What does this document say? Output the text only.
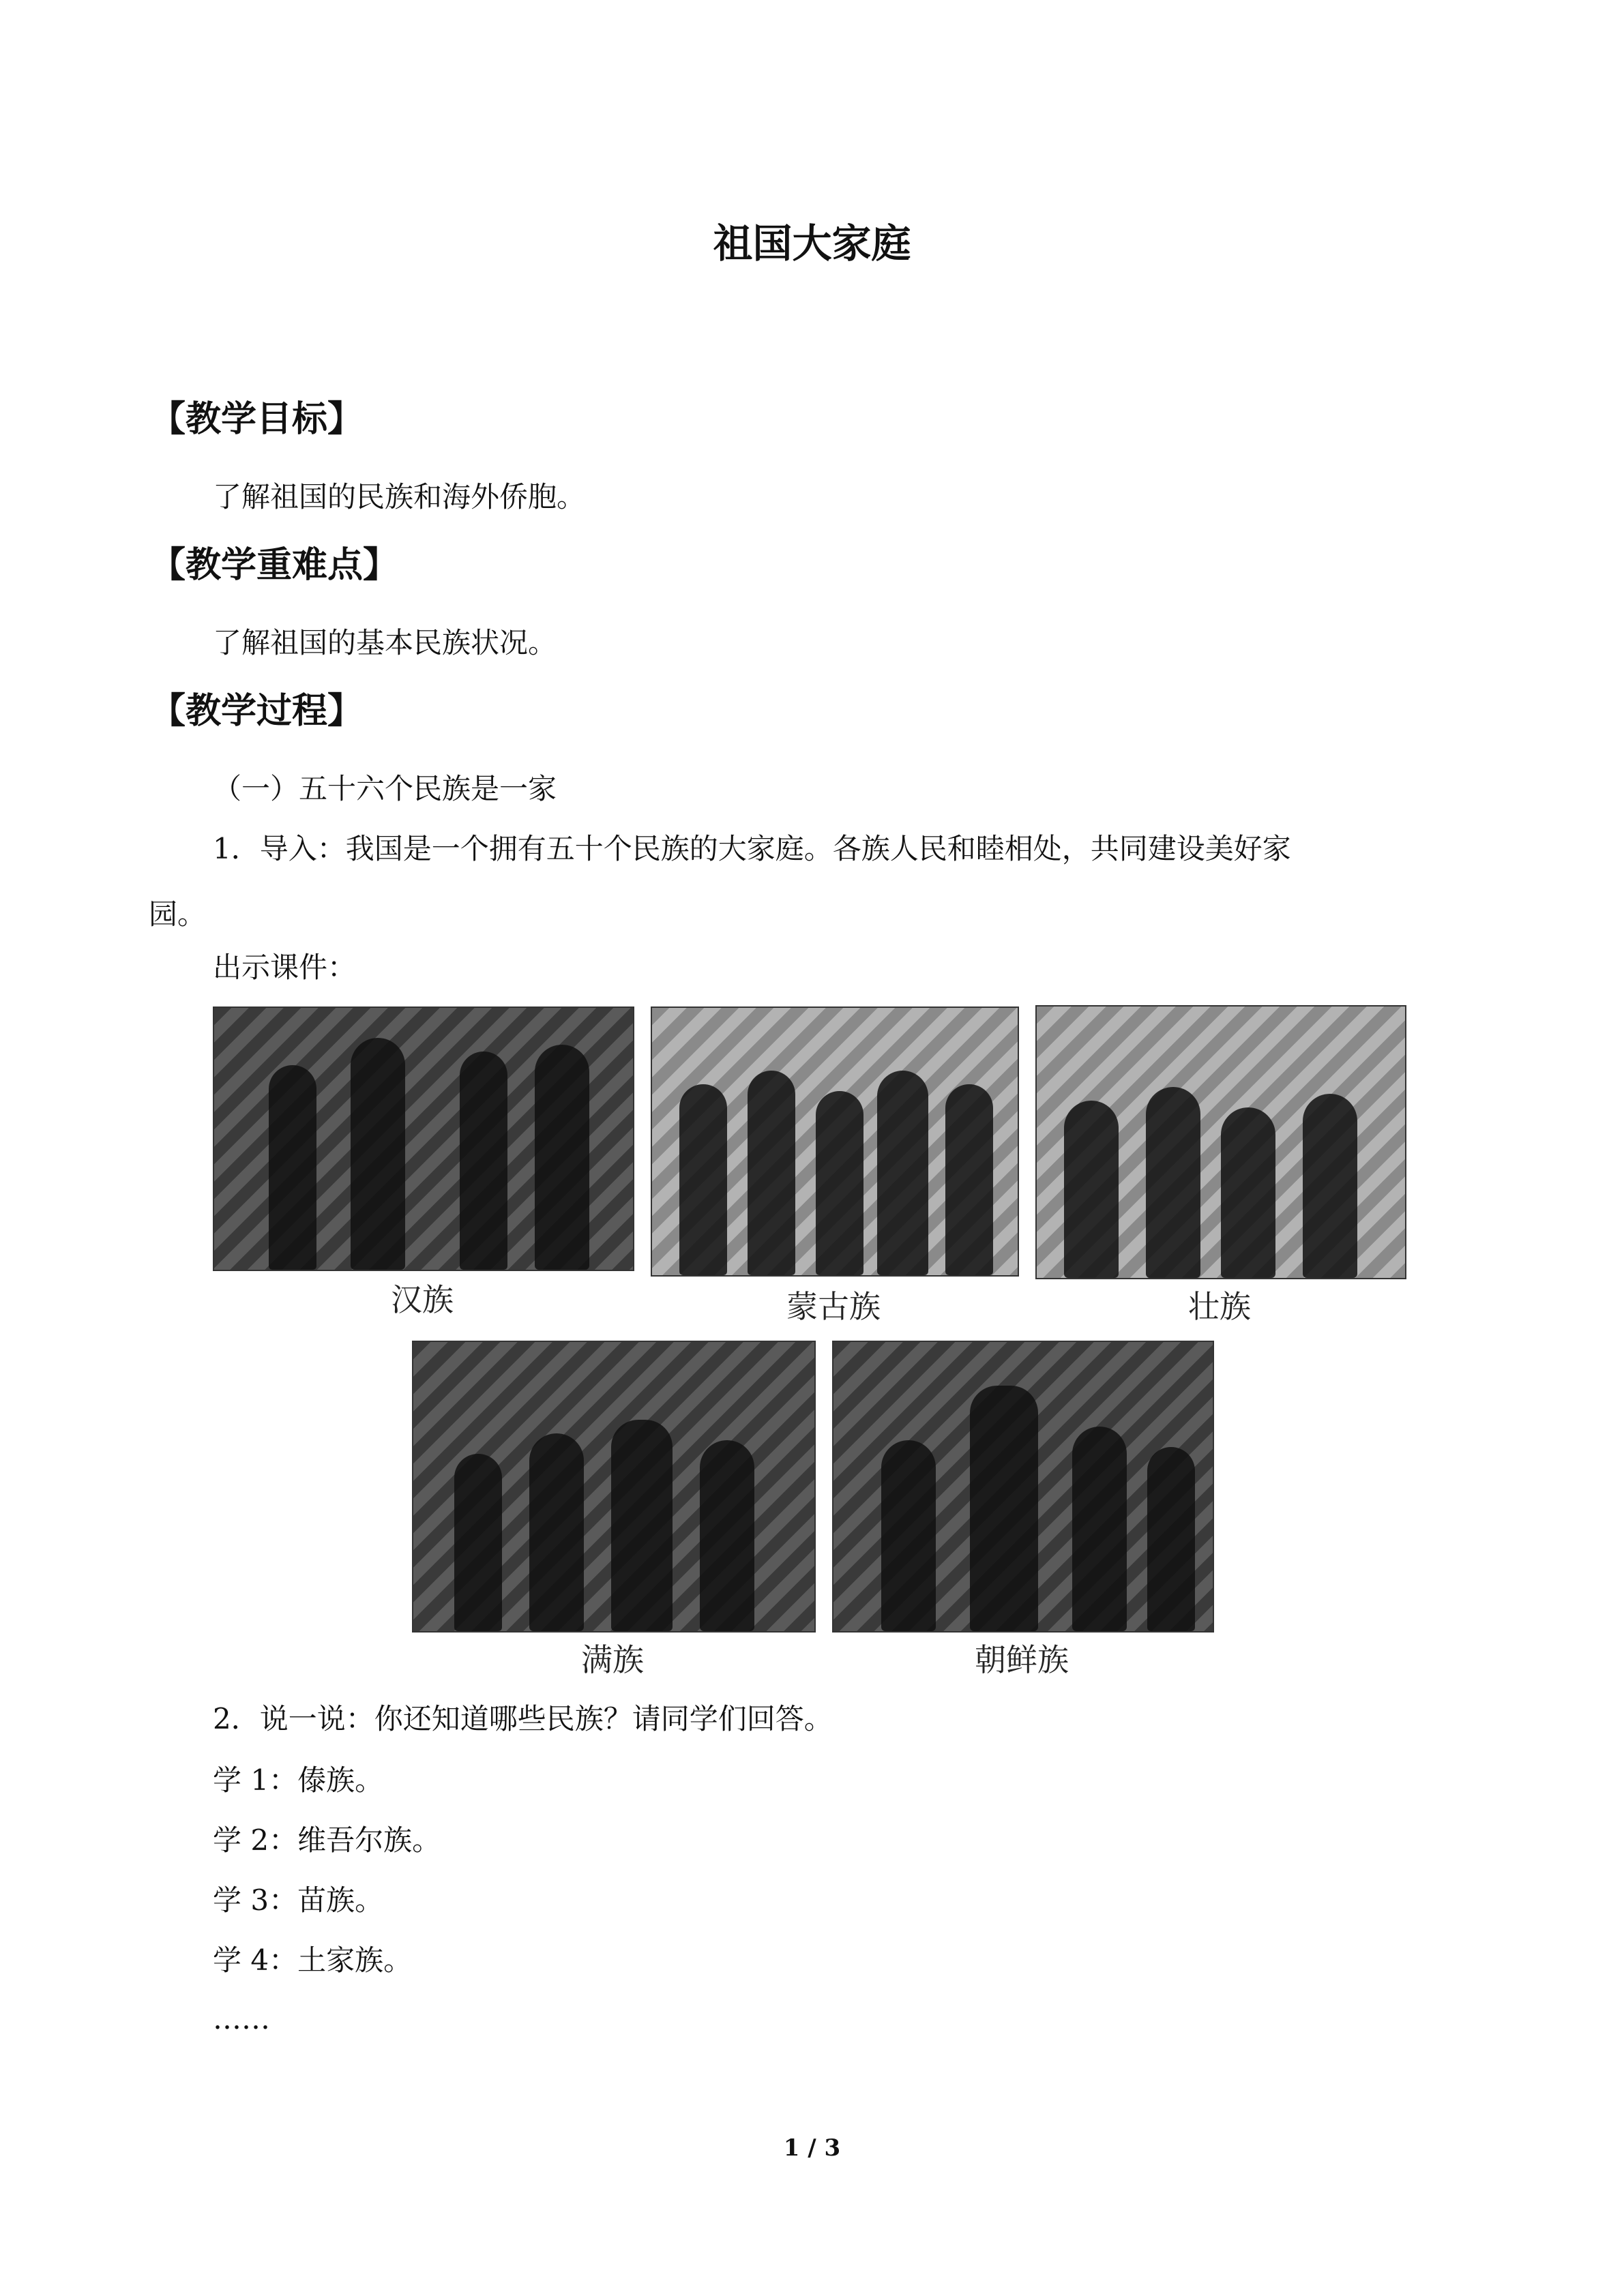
祖国大家庭
【教学目标】
了解祖国的民族和海外侨胞。
【教学重难点】
了解祖国的基本民族状况。
【教学过程】
（一）五十六个民族是一家
1．导入：我国是一个拥有五十个民族的大家庭。各族人民和睦相处，共同建设美好家
园。
出示课件：
汉族	蒙古族	壮族
满族	朝鲜族
2．说一说：你还知道哪些民族？请同学们回答。
学 1：傣族。
学 2：维吾尔族。
学 3：苗族。
学 4：土家族。
……
1 / 3
